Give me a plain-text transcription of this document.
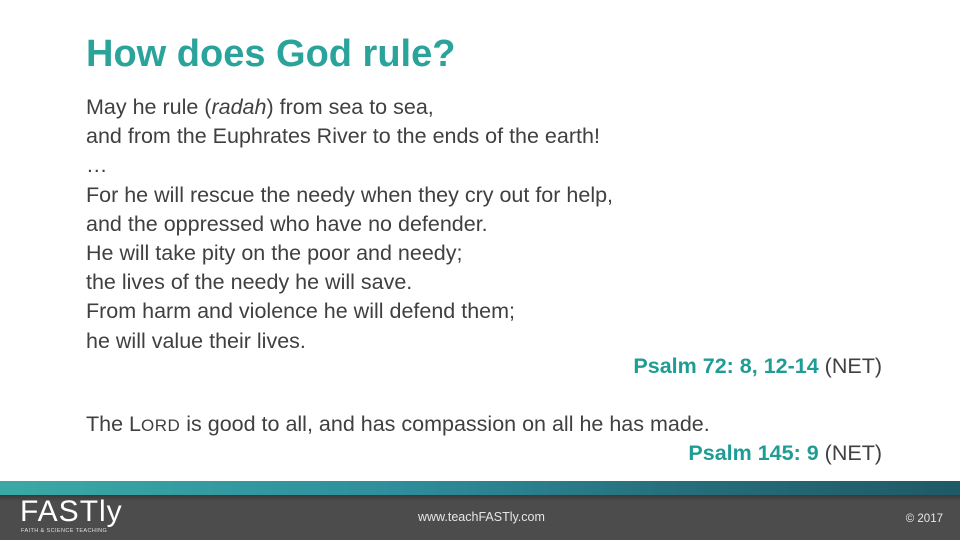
How does God rule?
May he rule (radah) from sea to sea,
and from the Euphrates River to the ends of the earth!
…
For he will rescue the needy when they cry out for help,
and the oppressed who have no defender.
He will take pity on the poor and needy;
the lives of the needy he will save.
From harm and violence he will defend them;
he will value their lives.
Psalm 72: 8, 12-14 (NET)
The LORD is good to all, and has compassion on all he has made.
Psalm 145: 9 (NET)
FASTly
FAITH & SCIENCE TEACHING
www.teachFASTly.com	© 2017
